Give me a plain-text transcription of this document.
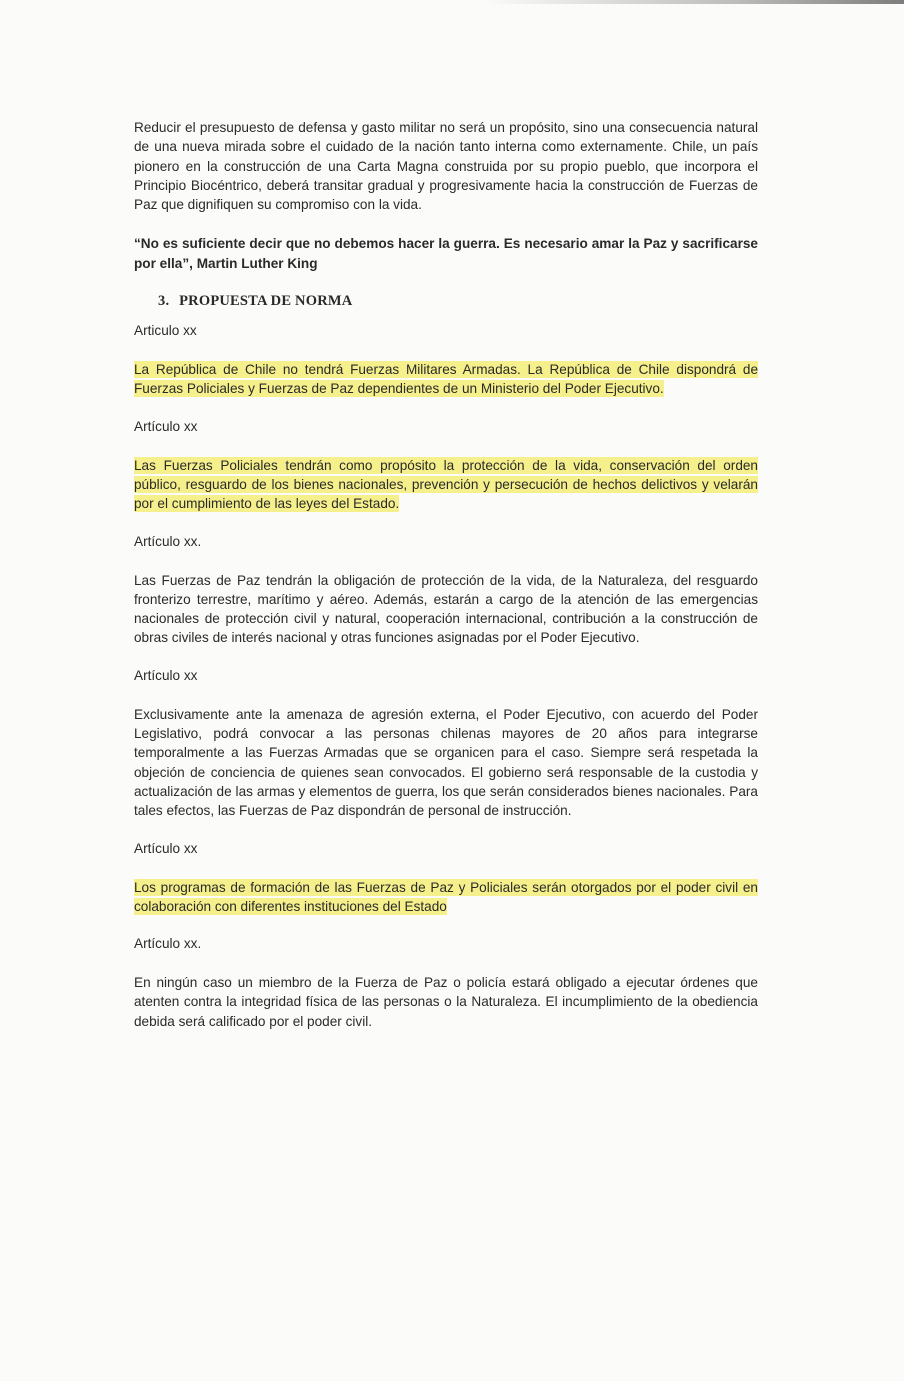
Reducir el presupuesto de defensa y gasto militar no será un propósito, sino una consecuencia natural de una nueva mirada sobre el cuidado de la nación tanto interna como externamente. Chile, un país pionero en la construcción de una Carta Magna construida por su propio pueblo, que incorpora el Principio Biocéntrico, deberá transitar gradual y progresivamente hacia la construcción de Fuerzas de Paz que dignifiquen su compromiso con la vida.

“No es suficiente decir que no debemos hacer la guerra. Es necesario amar la Paz y sacrificarse por ella”, Martin Luther King

3. PROPUESTA DE NORMA
Articulo xx

La República de Chile no tendrá Fuerzas Militares Armadas. La República de Chile dispondrá de Fuerzas Policiales y Fuerzas de Paz dependientes de un Ministerio del Poder Ejecutivo.

Artículo xx

Las Fuerzas Policiales tendrán como propósito la protección de la vida, conservación del orden público, resguardo de los bienes nacionales, prevención y persecución de hechos delictivos y velarán por el cumplimiento de las leyes del Estado.

Artículo xx.

Las Fuerzas de Paz tendrán la obligación de protección de la vida, de la Naturaleza, del resguardo fronterizo terrestre, marítimo y aéreo. Además, estarán a cargo de la atención de las emergencias nacionales de protección civil y natural, cooperación internacional, contribución a la construcción de obras civiles de interés nacional y otras funciones asignadas por el Poder Ejecutivo.

Artículo xx

Exclusivamente ante la amenaza de agresión externa, el Poder Ejecutivo, con acuerdo del Poder Legislativo, podrá convocar a las personas chilenas mayores de 20 años para integrarse temporalmente a las Fuerzas Armadas que se organicen para el caso. Siempre será respetada la objeción de conciencia de quienes sean convocados. El gobierno será responsable de la custodia y actualización de las armas y elementos de guerra, los que serán considerados bienes nacionales. Para tales efectos, las Fuerzas de Paz dispondrán de personal de instrucción.

Artículo xx

Los programas de formación de las Fuerzas de Paz y Policiales serán otorgados por el poder civil en colaboración con diferentes instituciones del Estado

Artículo xx.

En ningún caso un miembro de la Fuerza de Paz o policía estará obligado a ejecutar órdenes que atenten contra la integridad física de las personas o la Naturaleza. El incumplimiento de la obediencia debida será calificado por el poder civil.
